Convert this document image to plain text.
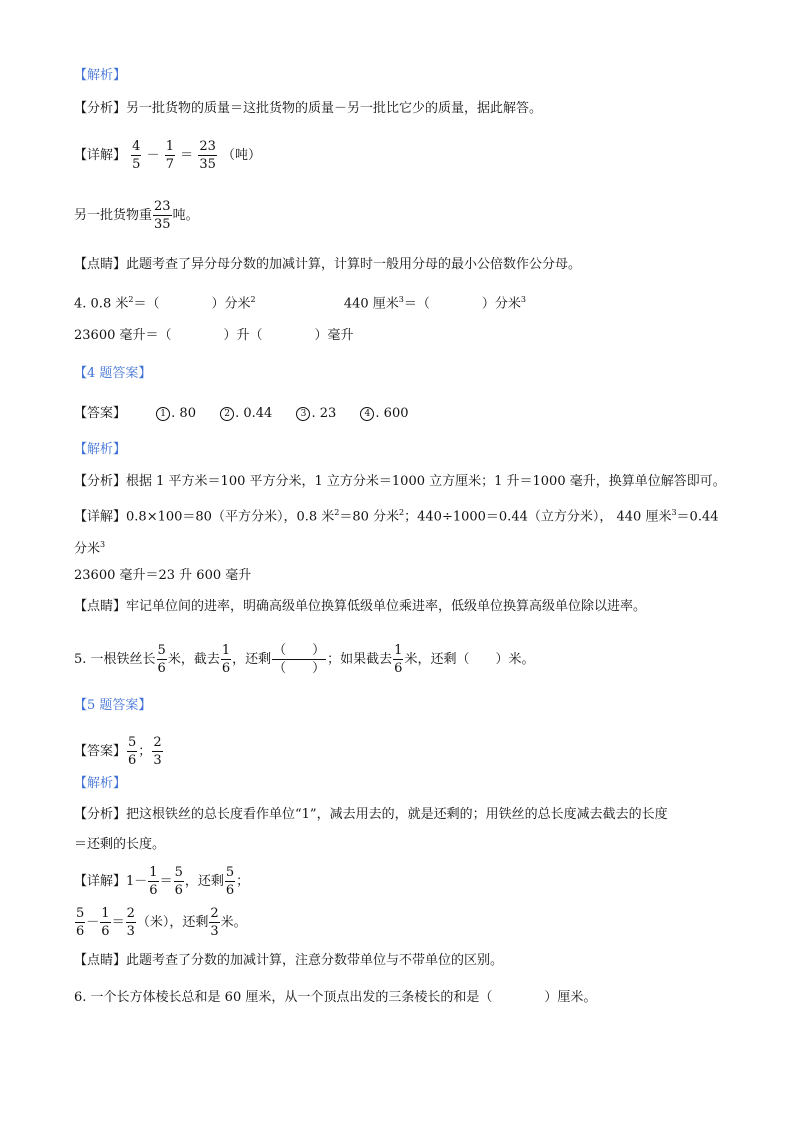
【解析】
【分析】另一批货物的质量＝这批货物的质量－另一批比它少的质量，据此解答。
【详解】 $\frac{4}{5} - \frac{1}{7} = \frac{23}{35}$ （吨）
另一批货物重 $\frac{23}{35}$ 吨。
【点睛】此题考查了异分母分数的加减计算，计算时一般用分母的最小公倍数作公分母。
4. 0.8 米$^2$＝（　　　　）分米$^2$	440 厘米$^3$＝（　　　　）分米$^3$
23600 毫升＝（　　　　）升（　　　　）毫升
【4 题答案】
【答案】	1 . 80	2 . 0.44	3 . 23	4 . 600
【解析】
【分析】根据 1 平方米＝100 平方分米，1 立方分米＝1000 立方厘米；1 升＝1000 毫升，换算单位解答即可。
【详解】0.8×100＝80（平方分米），0.8 米$^2$＝80 分米$^2$；440÷1000＝0.44（立方分米）， 440 厘米$^3$＝0.44
分米$^3$
23600 毫升＝23 升 600 毫升
【点睛】牢记单位间的进率，明确高级单位换算低级单位乘进率，低级单位换算高级单位除以进率。
5. 一根铁丝长 $\frac{5}{6}$ 米，截去 $\frac{1}{6}$ ，还剩 $\frac{( )}{( )}$ ；如果截去 $\frac{1}{6}$ 米，还剩（　　）米。
【5 题答案】
【答案】 $\frac{5}{6}$ ； $\frac{2}{3}$
【解析】
【分析】把这根铁丝的总长度看作单位“1”，减去用去的，就是还剩的；用铁丝的总长度减去截去的长度
＝还剩的长度。
【详解】$1- \frac{1}{6} = \frac{5}{6}$ ，还剩 $\frac{5}{6}$ ；
$\frac{5}{6} - \frac{1}{6} = \frac{2}{3}$ （米），还剩 $\frac{2}{3}$ 米。
【点睛】此题考查了分数的加减计算，注意分数带单位与不带单位的区别。
6. 一个长方体棱长总和是 60 厘米，从一个顶点出发的三条棱长的和是（　　　　）厘米。
